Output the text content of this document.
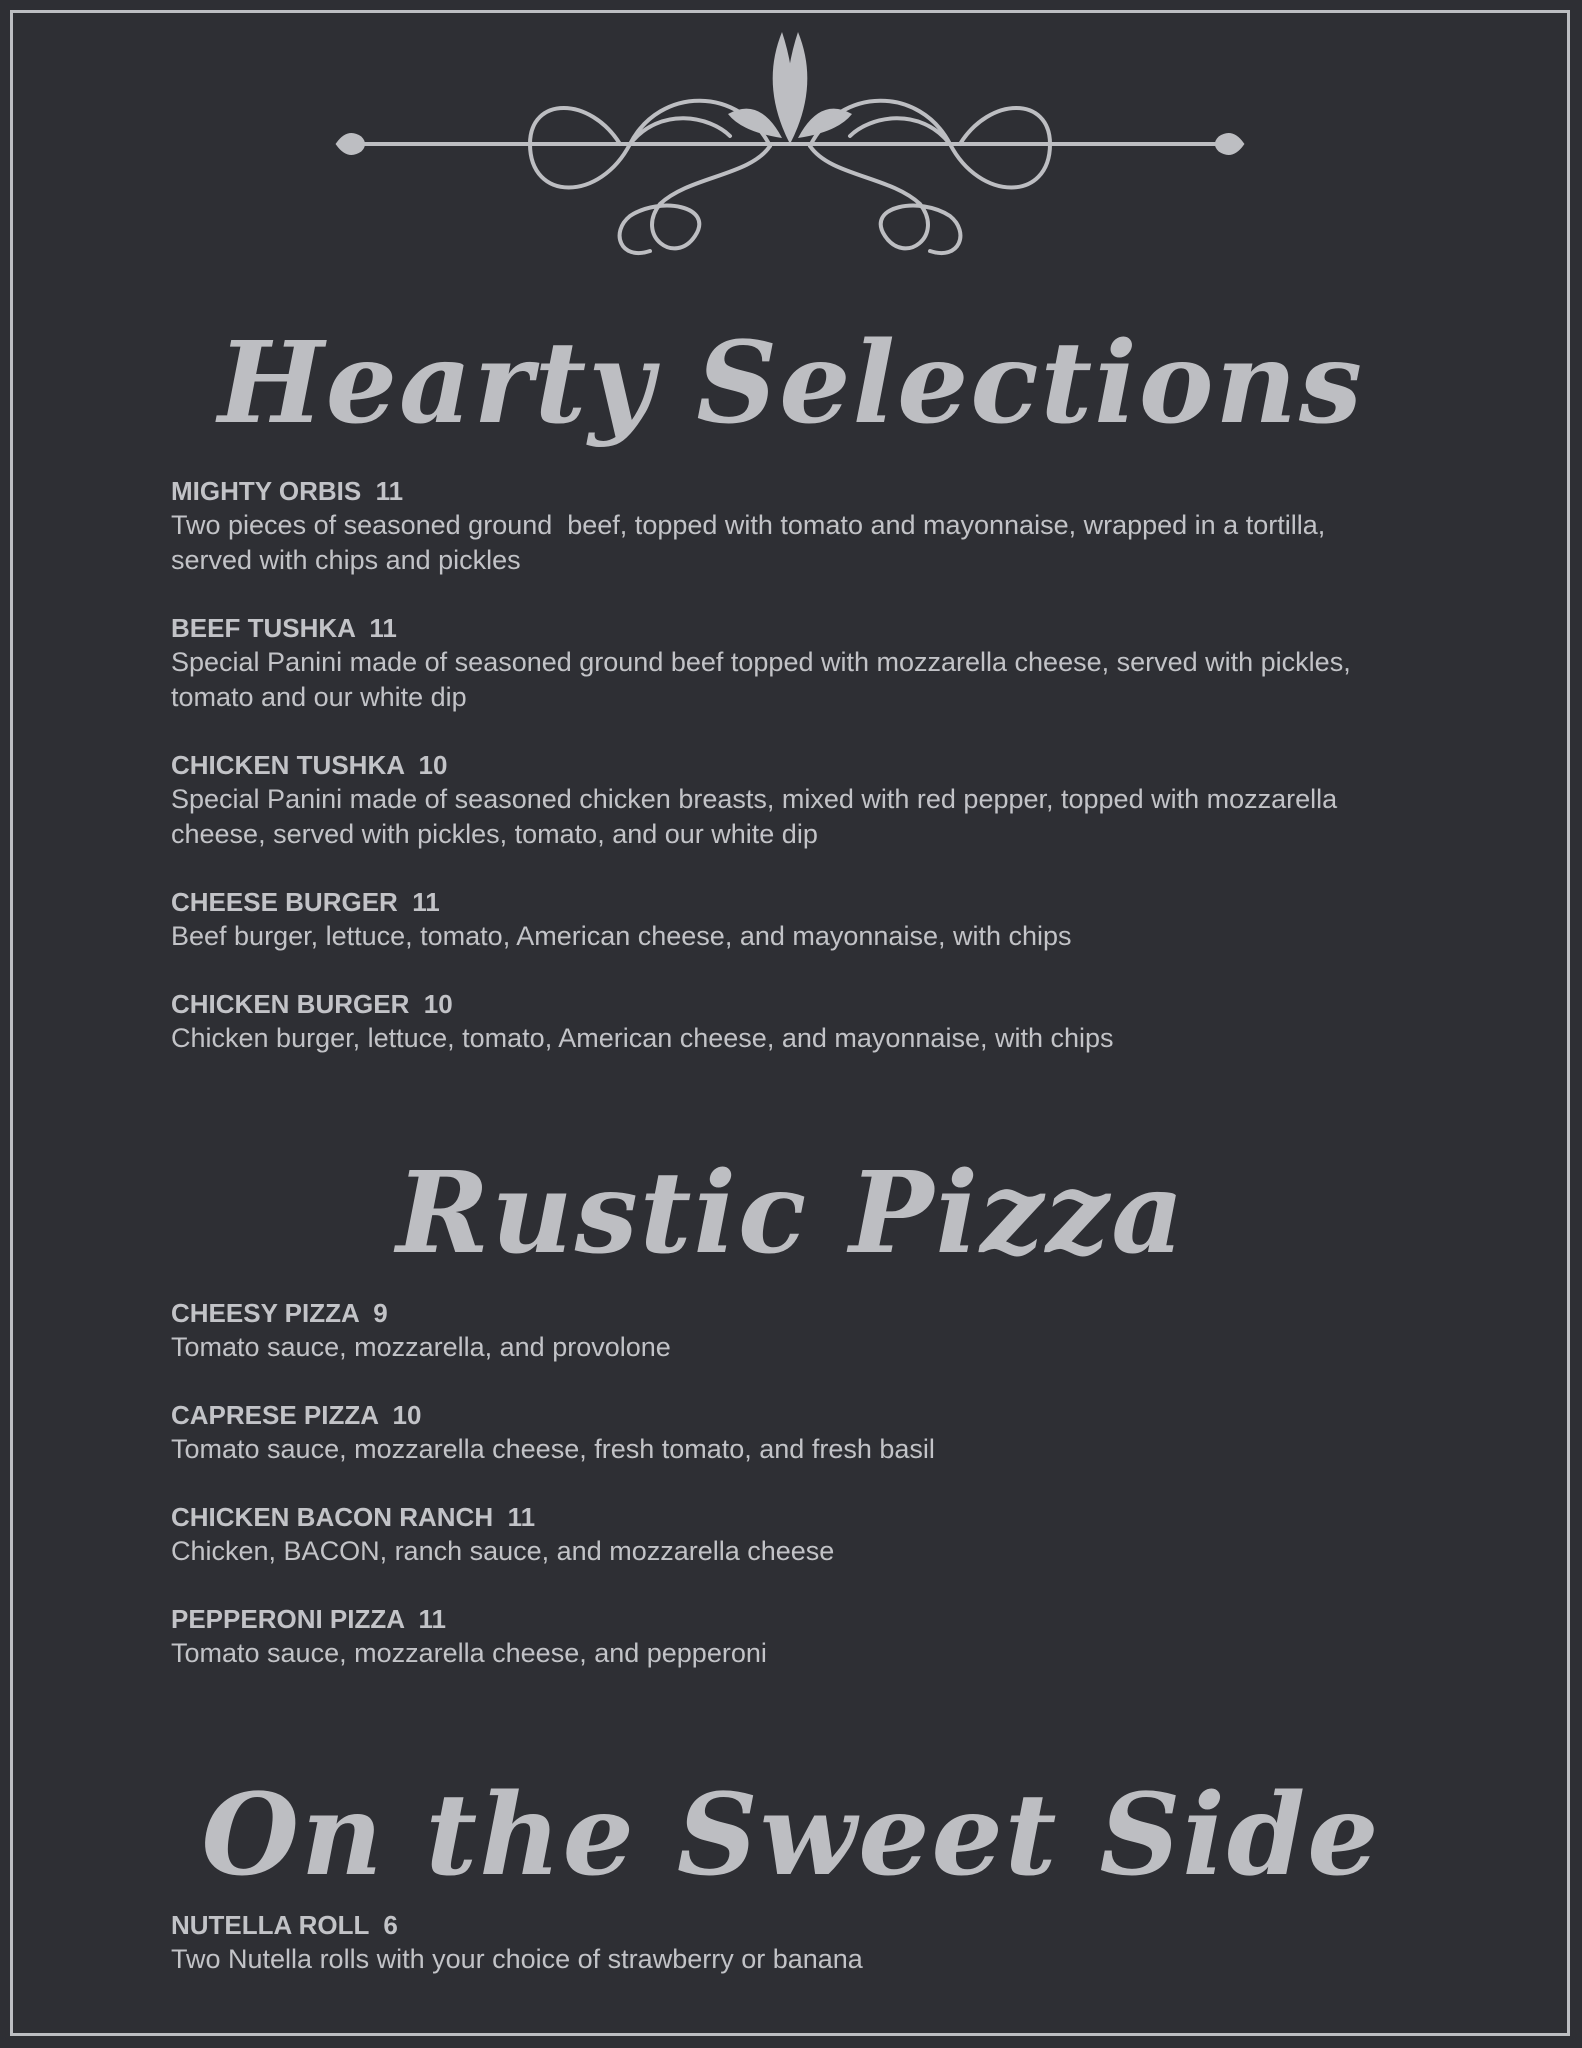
Hearty Selections
MIGHTY ORBIS 11
Two pieces of seasoned ground  beef, topped with tomato and mayonnaise, wrapped in a tortilla,
served with chips and pickles
BEEF TUSHKA 11
Special Panini made of seasoned ground beef topped with mozzarella cheese, served with pickles,
tomato and our white dip
CHICKEN TUSHKA 10
Special Panini made of seasoned chicken breasts, mixed with red pepper, topped with mozzarella
cheese, served with pickles, tomato, and our white dip
CHEESE BURGER 11
Beef burger, lettuce, tomato, American cheese, and mayonnaise, with chips
CHICKEN BURGER 10
Chicken burger, lettuce, tomato, American cheese, and mayonnaise, with chips
Rustic Pizza
CHEESY PIZZA 9
Tomato sauce, mozzarella, and provolone
CAPRESE PIZZA 10
Tomato sauce, mozzarella cheese, fresh tomato, and fresh basil
CHICKEN BACON RANCH 11
Chicken, BACON, ranch sauce, and mozzarella cheese
PEPPERONI PIZZA 11
Tomato sauce, mozzarella cheese, and pepperoni
On the Sweet Side
NUTELLA ROLL 6
Two Nutella rolls with your choice of strawberry or banana
